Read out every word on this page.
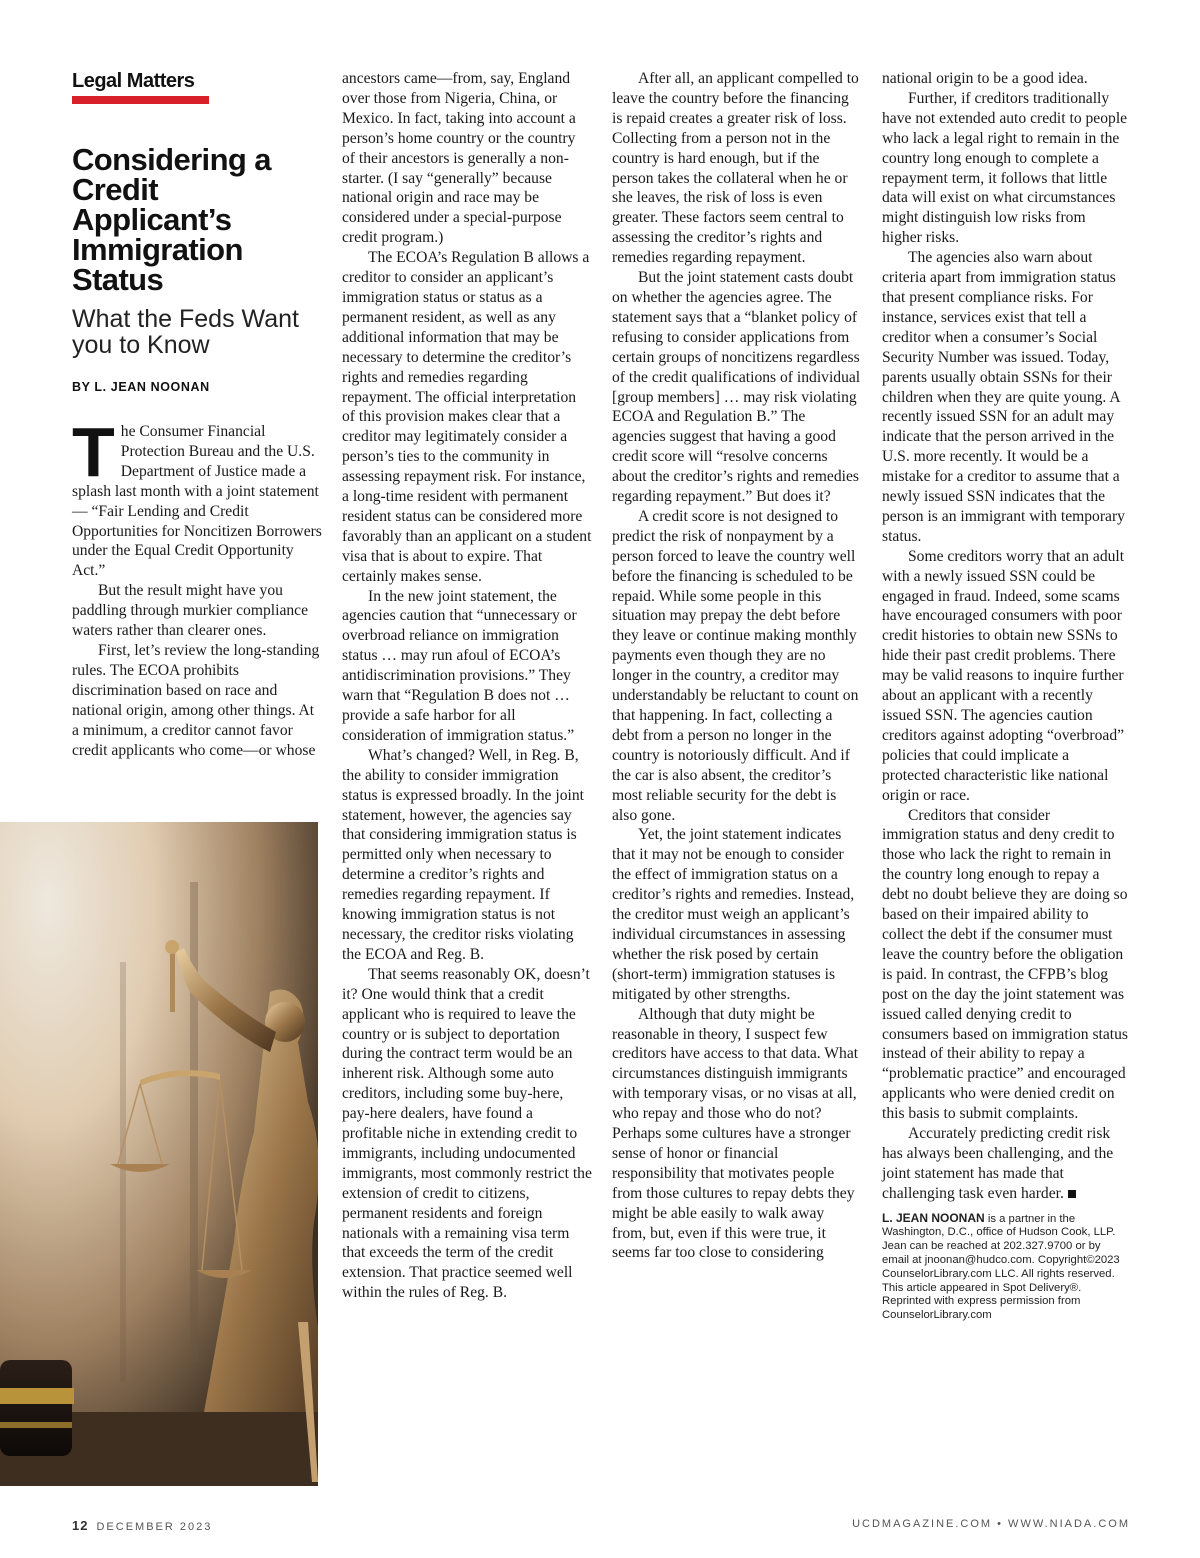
Legal Matters
Considering a Credit Applicant’s Immigration Status
What the Feds Want you to Know
BY L. JEAN NOONAN

The Consumer Financial Protection Bureau and the U.S. Department of Justice made a splash last month with a joint statement — “Fair Lending and Credit Opportunities for Noncitizen Borrowers under the Equal Credit Opportunity Act.”

But the result might have you paddling through murkier compliance waters rather than clearer ones.

First, let’s review the long-standing rules. The ECOA prohibits discrimination based on race and national origin, among other things. At a minimum, a creditor cannot favor credit applicants who come—or whose

ancestors came—from, say, England over those from Nigeria, China, or Mexico. In fact, taking into account a person’s home country or the country of their ancestors is generally a non-starter. (I say “generally” because national origin and race may be considered under a special-purpose credit program.)

The ECOA’s Regulation B allows a creditor to consider an applicant’s immigration status or status as a permanent resident, as well as any additional information that may be necessary to determine the creditor’s rights and remedies regarding repayment. The official interpretation of this provision makes clear that a creditor may legitimately consider a person’s ties to the community in assessing repayment risk. For instance, a long-time resident with permanent resident status can be considered more favorably than an applicant on a student visa that is about to expire. That certainly makes sense.

In the new joint statement, the agencies caution that “unnecessary or overbroad reliance on immigration status … may run afoul of ECOA’s antidiscrimination provisions.” They warn that “Regulation B does not … provide a safe harbor for all consideration of immigration status.”

What’s changed? Well, in Reg. B, the ability to consider immigration status is expressed broadly. In the joint statement, however, the agencies say that considering immigration status is permitted only when necessary to determine a creditor’s rights and remedies regarding repayment. If knowing immigration status is not necessary, the creditor risks violating the ECOA and Reg. B.

That seems reasonably OK, doesn’t it? One would think that a credit applicant who is required to leave the country or is subject to deportation during the contract term would be an inherent risk. Although some auto creditors, including some buy-here, pay-here dealers, have found a profitable niche in extending credit to immigrants, including undocumented immigrants, most commonly restrict the extension of credit to citizens, permanent residents and foreign nationals with a remaining visa term that exceeds the term of the credit extension. That practice seemed well within the rules of Reg. B.

After all, an applicant compelled to leave the country before the financing is repaid creates a greater risk of loss. Collecting from a person not in the country is hard enough, but if the person takes the collateral when he or she leaves, the risk of loss is even greater. These factors seem central to assessing the creditor’s rights and remedies regarding repayment.

But the joint statement casts doubt on whether the agencies agree. The statement says that a “blanket policy of refusing to consider applications from certain groups of noncitizens regardless of the credit qualifications of individual [group members] … may risk violating ECOA and Regulation B.” The agencies suggest that having a good credit score will “resolve concerns about the creditor’s rights and remedies regarding repayment.” But does it?

A credit score is not designed to predict the risk of nonpayment by a person forced to leave the country well before the financing is scheduled to be repaid. While some people in this situation may prepay the debt before they leave or continue making monthly payments even though they are no longer in the country, a creditor may understandably be reluctant to count on that happening. In fact, collecting a debt from a person no longer in the country is notoriously difficult. And if the car is also absent, the creditor’s most reliable security for the debt is also gone.

Yet, the joint statement indicates that it may not be enough to consider the effect of immigration status on a creditor’s rights and remedies. Instead, the creditor must weigh an applicant’s individual circumstances in assessing whether the risk posed by certain (short-term) immigration statuses is mitigated by other strengths.

Although that duty might be reasonable in theory, I suspect few creditors have access to that data. What circumstances distinguish immigrants with temporary visas, or no visas at all, who repay and those who do not? Perhaps some cultures have a stronger sense of honor or financial responsibility that motivates people from those cultures to repay debts they might be able easily to walk away from, but, even if this were true, it seems far too close to considering

national origin to be a good idea.

Further, if creditors traditionally have not extended auto credit to people who lack a legal right to remain in the country long enough to complete a repayment term, it follows that little data will exist on what circumstances might distinguish low risks from higher risks.

The agencies also warn about criteria apart from immigration status that present compliance risks. For instance, services exist that tell a creditor when a consumer’s Social Security Number was issued. Today, parents usually obtain SSNs for their children when they are quite young. A recently issued SSN for an adult may indicate that the person arrived in the U.S. more recently. It would be a mistake for a creditor to assume that a newly issued SSN indicates that the person is an immigrant with temporary status.

Some creditors worry that an adult with a newly issued SSN could be engaged in fraud. Indeed, some scams have encouraged consumers with poor credit histories to obtain new SSNs to hide their past credit problems. There may be valid reasons to inquire further about an applicant with a recently issued SSN. The agencies caution creditors against adopting “overbroad” policies that could implicate a protected characteristic like national origin or race.

Creditors that consider immigration status and deny credit to those who lack the right to remain in the country long enough to repay a debt no doubt believe they are doing so based on their impaired ability to collect the debt if the consumer must leave the country before the obligation is paid. In contrast, the CFPB’s blog post on the day the joint statement was issued called denying credit to consumers based on immigration status instead of their ability to repay a “problematic practice” and encouraged applicants who were denied credit on this basis to submit complaints.

Accurately predicting credit risk has always been challenging, and the joint statement has made that challenging task even harder.

L. JEAN NOONAN is a partner in the Washington, D.C., office of Hudson Cook, LLP. Jean can be reached at 202.327.9700 or by email at jnoonan@hudco.com. Copyright©2023 CounselorLibrary.com LLC. All rights reserved. This article appeared in Spot Delivery®. Reprinted with express permission from CounselorLibrary.com
12 DECEMBER 2023	UCDMAGAZINE.COM • WWW.NIADA.COM
